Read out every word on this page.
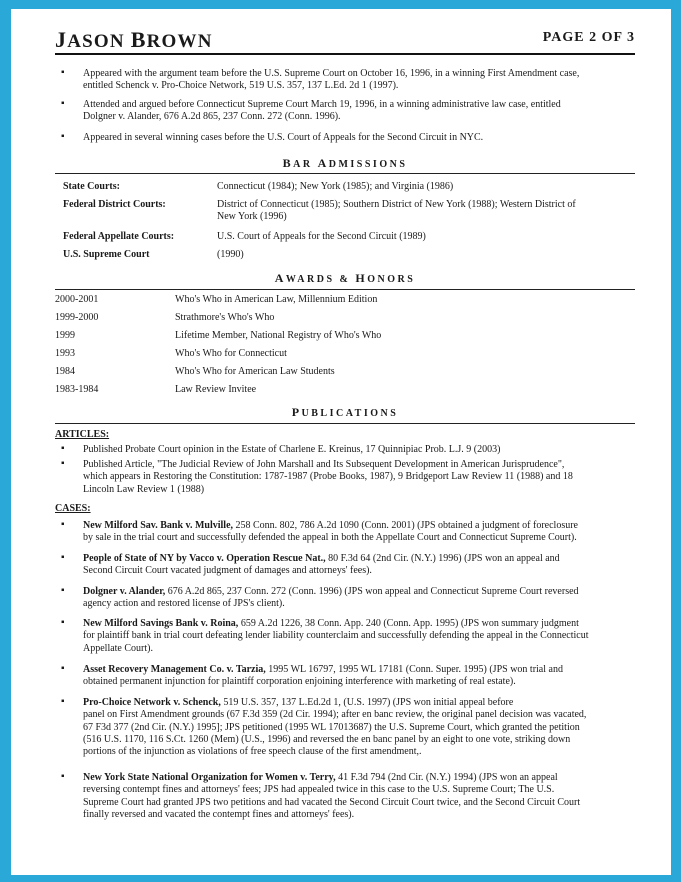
JASON BROWN	PAGE 2 OF 3
▪ Appeared with the argument team before the U.S. Supreme Court on October 16, 1996, in a winning First Amendment case,
entitled Schenck v. Pro-Choice Network, 519 U.S. 357, 137 L.Ed. 2d 1 (1997).
▪ Attended and argued before Connecticut Supreme Court March 19, 1996, in a winning administrative law case, entitled
Dolgner v. Alander, 676 A.2d 865, 237 Conn. 272 (Conn. 1996).
▪ Appeared in several winning cases before the U.S. Court of Appeals for the Second Circuit in NYC.
BAR ADMISSIONS
State Courts:	Connecticut (1984); New York (1985); and Virginia (1986)
Federal District Courts:	District of Connecticut (1985); Southern District of New York (1988); Western District of
New York (1996)
Federal Appellate Courts:	U.S. Court of Appeals for the Second Circuit (1989)
U.S. Supreme Court	(1990)
AWARDS & HONORS
2000-2001	Who's Who in American Law, Millennium Edition
1999-2000	Strathmore's Who's Who
1999	Lifetime Member, National Registry of Who's Who
1993	Who's Who for Connecticut
1984	Who's Who for American Law Students
1983-1984	Law Review Invitee
PUBLICATIONS
ARTICLES:
▪ Published Probate Court opinion in the Estate of Charlene E. Kreinus, 17 Quinnipiac Prob. L.J. 9 (2003)
▪ Published Article, "The Judicial Review of John Marshall and Its Subsequent Development in American Jurisprudence",
which appears in Restoring the Constitution: 1787-1987 (Probe Books, 1987), 9 Bridgeport Law Review 11 (1988) and 18
Lincoln Law Review 1 (1988)
CASES:
▪ New Milford Sav. Bank v. Mulville, 258 Conn. 802, 786 A.2d 1090 (Conn. 2001) (JPS obtained a judgment of foreclosure
by sale in the trial court and successfully defended the appeal in both the Appellate Court and Connecticut Supreme Court).
▪ People of State of NY by Vacco v. Operation Rescue Nat., 80 F.3d 64 (2nd Cir. (N.Y.) 1996) (JPS won an appeal and
Second Circuit Court vacated judgment of damages and attorneys' fees).
▪ Dolgner v. Alander, 676 A.2d 865, 237 Conn. 272 (Conn. 1996) (JPS won appeal and Connecticut Supreme Court reversed
agency action and restored license of JPS's client).
▪ New Milford Savings Bank v. Roina, 659 A.2d 1226, 38 Conn. App. 240 (Conn. App. 1995) (JPS won summary judgment
for plaintiff bank in trial court defeating lender liability counterclaim and successfully defending the appeal in the Connecticut
Appellate Court).
▪ Asset Recovery Management Co. v. Tarzia, 1995 WL 16797, 1995 WL 17181 (Conn. Super. 1995) (JPS won trial and
obtained permanent injunction for plaintiff corporation enjoining interference with marketing of real estate).
▪ Pro-Choice Network v. Schenck, 519 U.S. 357, 137 L.Ed.2d 1, (U.S. 1997) (JPS won initial appeal before
panel on First Amendment grounds (67 F.3d 359 (2d Cir. 1994); after en banc review, the original panel decision was vacated,
67 F3d 377 (2nd Cir. (N.Y.) 1995]; JPS petitioned (1995 WL 17013687) the U.S. Supreme Court, which granted the petition
(516 U.S. 1170, 116 S.Ct. 1260 (Mem) (U.S., 1996) and reversed the en banc panel by an eight to one vote, striking down
portions of the injunction as violations of free speech clause of the first amendment,.
▪ New York State National Organization for Women v. Terry, 41 F.3d 794 (2nd Cir. (N.Y.) 1994) (JPS won an appeal
reversing contempt fines and attorneys' fees; JPS had appealed twice in this case to the U.S. Supreme Court; The U.S.
Supreme Court had granted JPS two petitions and had vacated the Second Circuit Court twice, and the Second Circuit Court
finally reversed and vacated the contempt fines and attorneys' fees).
